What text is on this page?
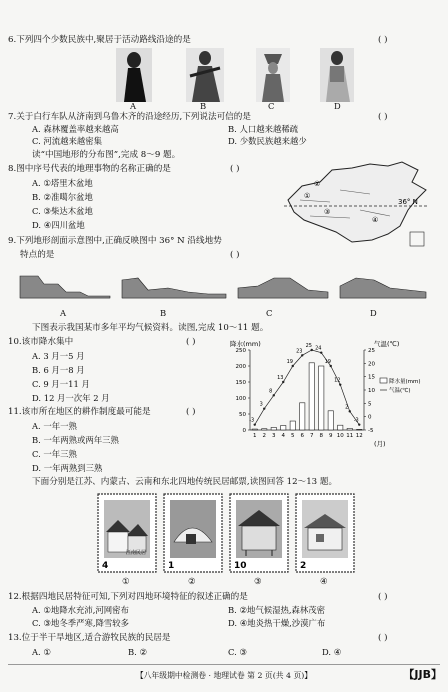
6.下列四个少数民族中,聚居于活动路线沿途的是	( )
A	B	C	D
7.关于白行车队从济南到乌鲁木齐的沿途经历,下列说法可信的是	( )
A. 森林覆盖率越来越高	B. 人口越来越稀疏
C. 河流越来越密集	D. 少数民族越来越少
读“中国地形的分布图”,完成 8～9 题。
8.图中序号代表的地理事物的名称正确的是	( )
A. ①塔里木盆地
B. ②准噶尔盆地
C. ③柴达木盆地
D. ④四川盆地
36° N
①
②
③
④
9.下列地形剖面示意图中,正确反映图中 36° N 沿线地势
特点的是	( )
A	B	C	D
下图表示我国某市多年平均气候资料。读图,完成 10～11 题。
10.该市降水集中	( )
A. 3 月一5 月
B. 6 月一8 月
C. 9 月一11 月
D. 12 月一次年 2 月
11.该市所在地区的耕作制度最可能是	( )
A. 一年一熟
B. 一年两熟或两年三熟
C. 一年三熟
D. 一年两熟到三熟
降水(mm)	气温(℃)
(月)
0
50
100
150
200
250
-5
0
5
10
15
20
25
1 2 3 4 5 6 7 8 9 10 11 12
-3
3
8
13
19
23
25 24
19
12
2
-3
降水量(mm)
气温(℃)
下面分别是江苏、内蒙古、云南和东北四地传统民居邮票,读图回答 12～13 题。
4
江南民居
1	10	2
①	②	③	④
12.根据四地民居特征可知,下列对四地环境特征的叙述正确的是	( )
A. ①地降水充沛,河网密布	B. ②地气候湿热,森林茂密
C. ③地冬季严寒,降雪较多	D. ④地炎热干燥,沙漠广布
13.位于半干旱地区,适合游牧民族的民居是	( )
A. ①	B. ②	C. ③	D. ④
【八年级期中检测卷 · 地理试卷 第 2 页(共 4 页)】	【JJB】
